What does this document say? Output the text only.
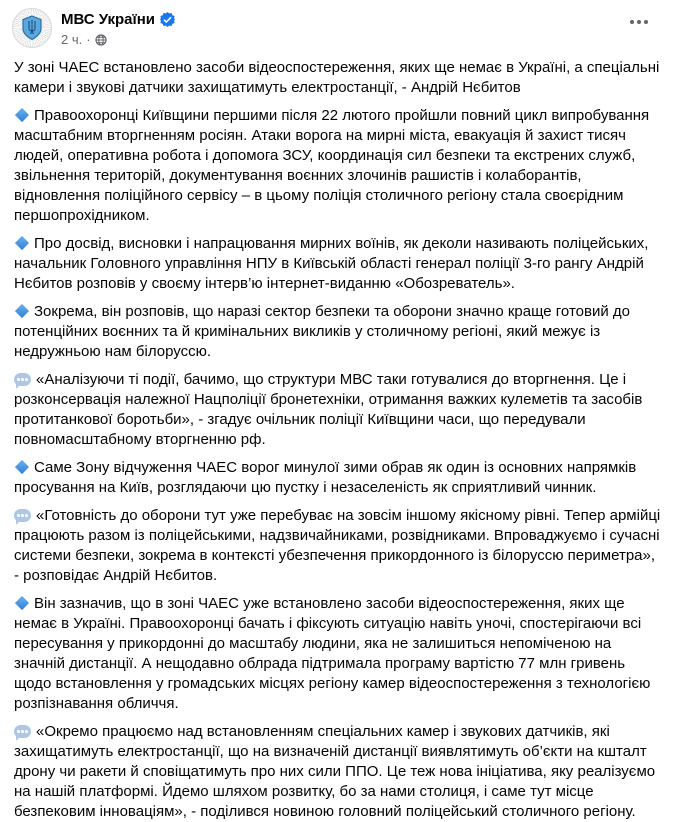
МВС України
2 ч. ·
У зоні ЧАЕС встановлено засоби відеоспостереження, яких ще немає в Україні, а спеціальні камери і звукові датчики захищатимуть електростанції, - Андрій Нєбитов
Правоохоронці Київщини першими після 22 лютого пройшли повний цикл випробування масштабним вторгненням росіян. Атаки ворога на мирні міста, евакуація й захист тисяч людей, оперативна робота і допомога ЗСУ, координація сил безпеки та екстрених служб, звільнення територій, документування воєнних злочинів рашистів і колаборантів, відновлення поліційного сервісу – в цьому поліція столичного регіону стала своєрідним першопрохідником.
Про досвід, висновки і напрацювання мирних воїнів, як деколи називають поліцейських, начальник Головного управління НПУ в Київській області генерал поліції 3-го рангу Андрій Нєбитов розповів у своєму інтерв’ю інтернет-виданню «Обозреватель».
Зокрема, він розповів, що наразі сектор безпеки та оборони значно краще готовий до потенційних воєнних та й кримінальних викликів у столичному регіоні, який межує із недружньою нам білоруссю.
«Аналізуючи ті події, бачимо, що структури МВС таки готувалися до вторгнення. Це і розконсервація належної Нацполіції бронетехніки, отримання важких кулеметів та засобів протитанкової боротьби», - згадує очільник поліції Київщини часи, що передували повномасштабному вторгненню рф.
Саме Зону відчуження ЧАЕС ворог минулої зими обрав як один із основних напрямків просування на Київ, розглядаючи цю пустку і незаселеність як сприятливий чинник.
«Готовність до оборони тут уже перебуває на зовсім іншому якісному рівні. Тепер армійці працюють разом із поліцейськими, надзвичайниками, розвідниками. Впроваджуємо і сучасні системи безпеки, зокрема в контексті убезпечення прикордонного із білоруссю периметра», - розповідає Андрій Нєбитов.
Він зазначив, що в зоні ЧАЕС уже встановлено засоби відеоспостереження, яких ще немає в Україні. Правоохоронці бачать і фіксують ситуацію навіть уночі, спостерігаючи всі пересування у прикордонні до масштабу людини, яка не залишиться непоміченою на значній дистанції. А нещодавно облрада підтримала програму вартістю 77 млн гривень щодо встановлення у громадських місцях регіону камер відеоспостереження з технологією розпізнавання обличчя.
«Окремо працюємо над встановленням спеціальних камер і звукових датчиків, які захищатимуть електростанції, що на визначеній дистанції виявлятимуть об’єкти на кшталт дрону чи ракети й сповіщатимуть про них сили ППО. Це теж нова ініціатива, яку реалізуємо на нашій платформі. Йдемо шляхом розвитку, бо за нами столиця, і саме тут місце безпековим інноваціям», - поділився новиною головний поліцейський столичного регіону.
